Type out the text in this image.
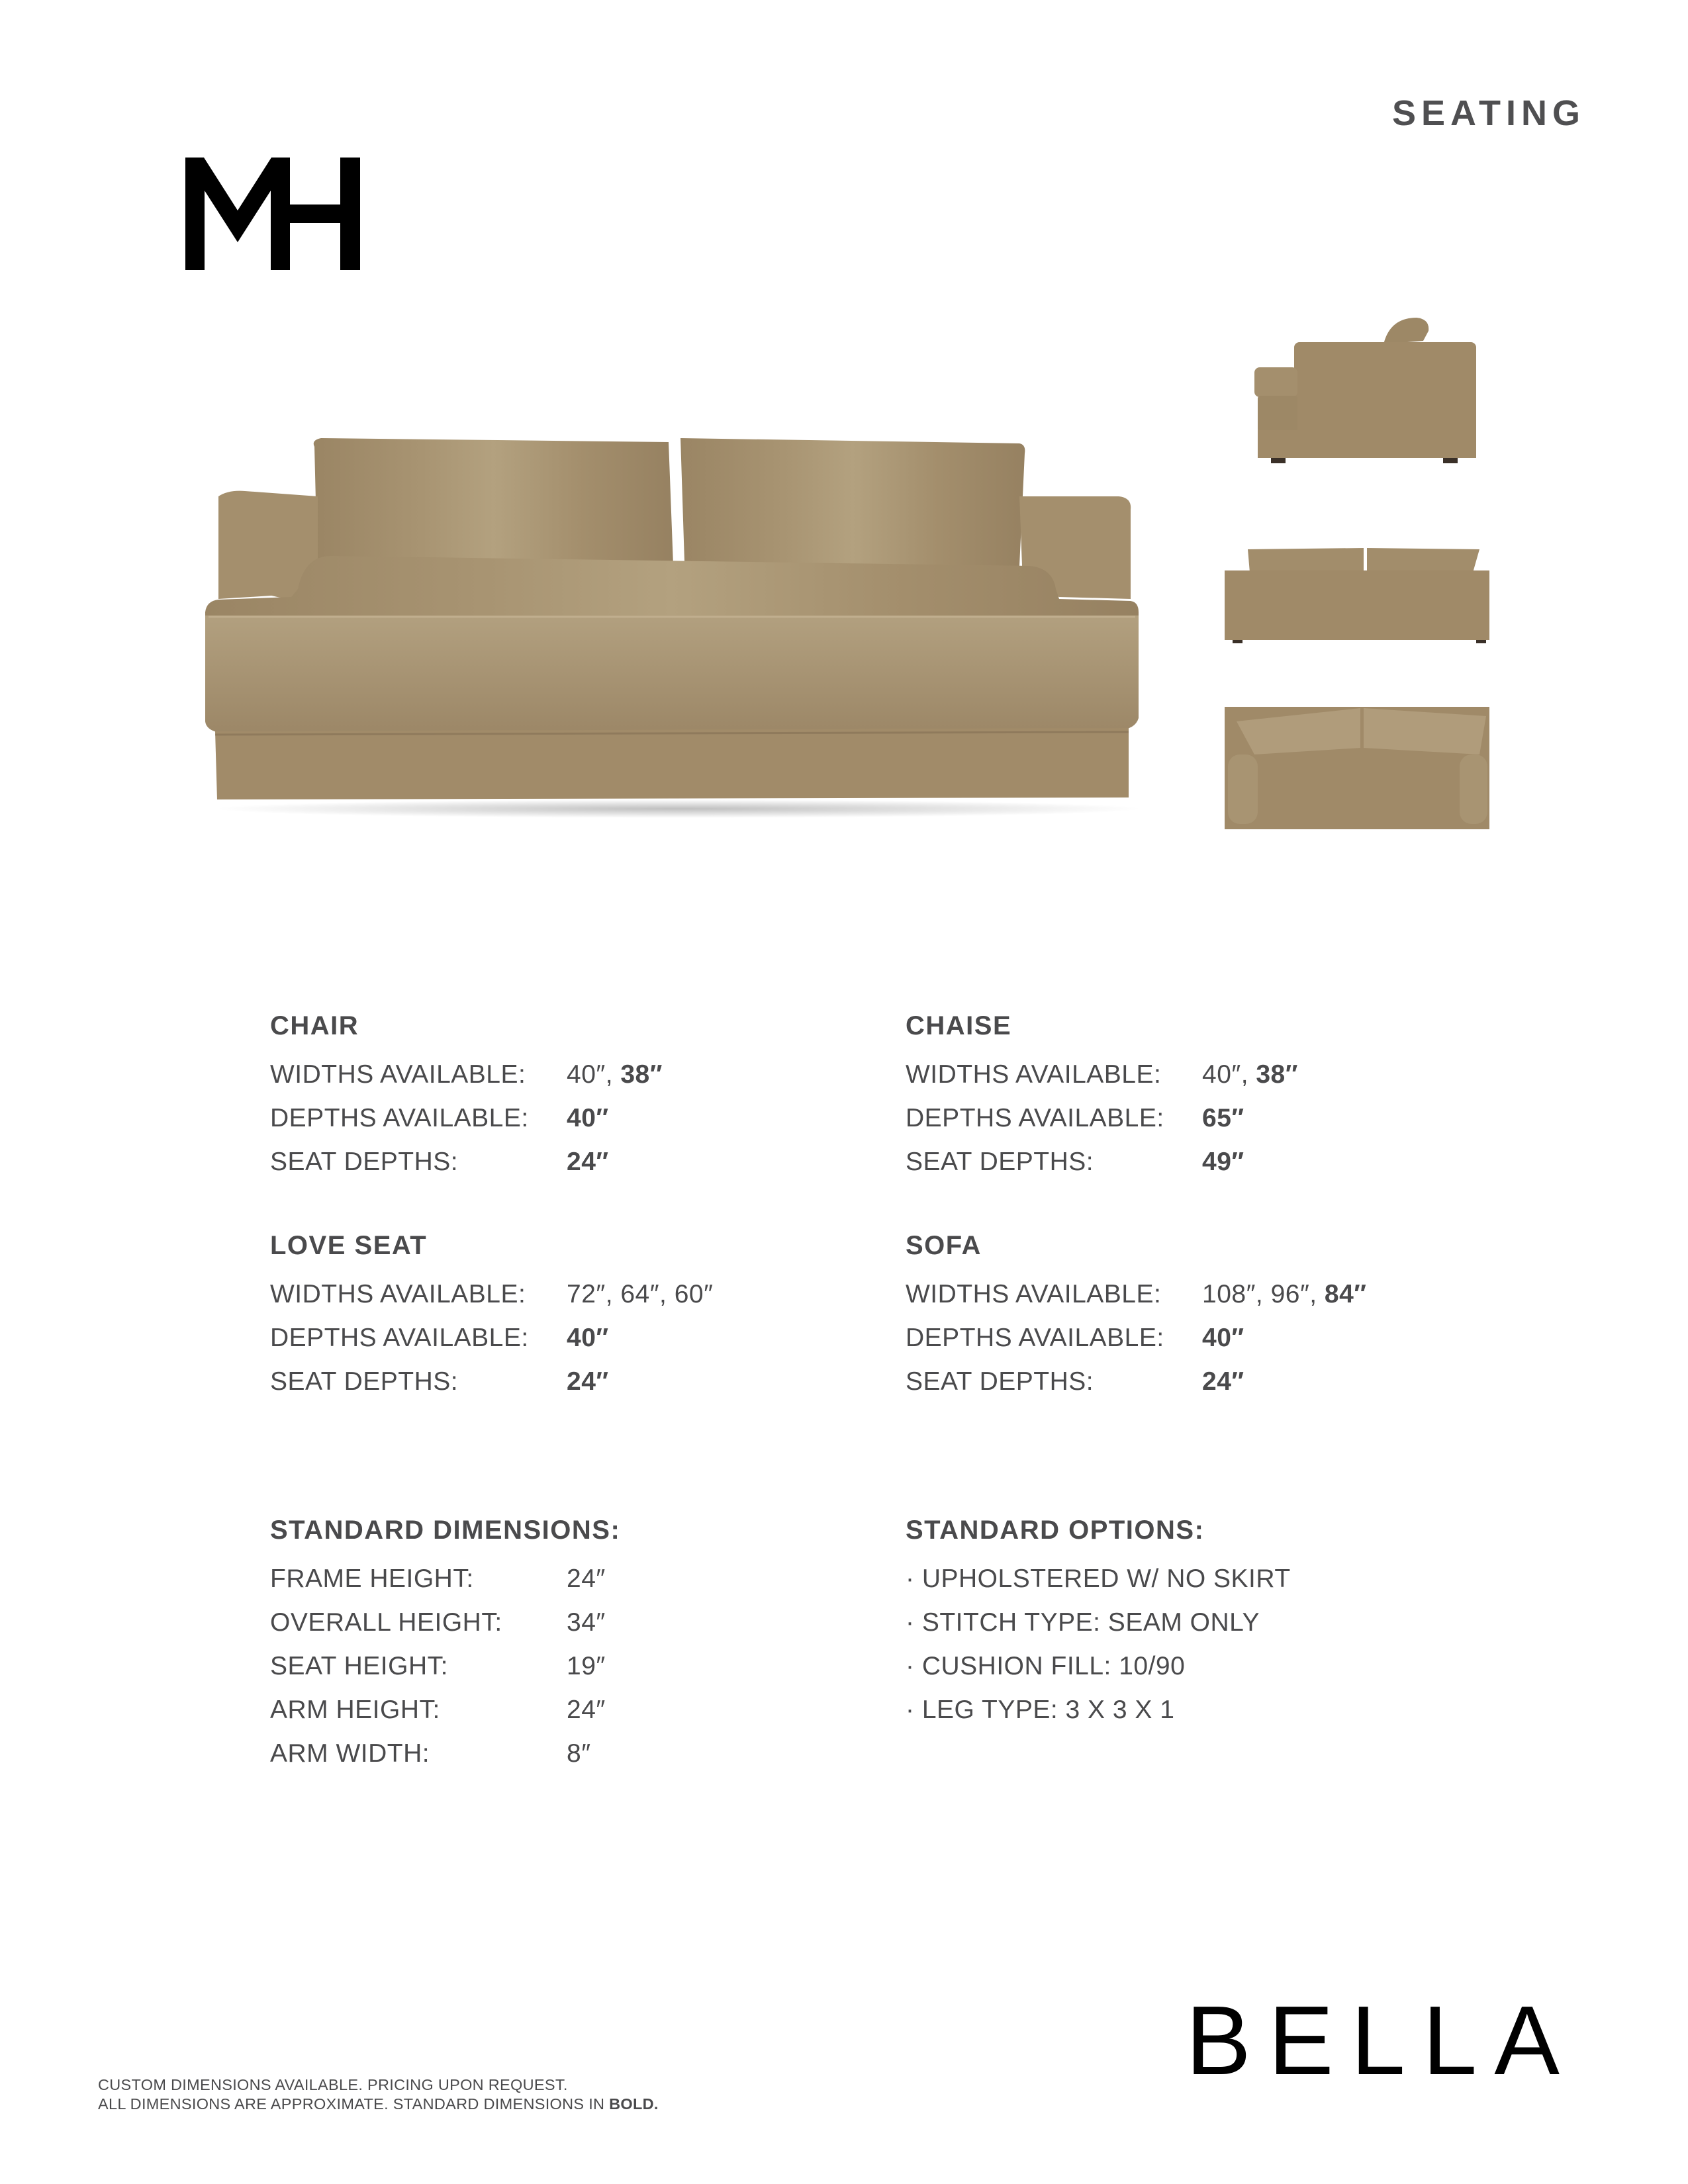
SEATING
CHAIR
WIDTHS AVAILABLE:	40″, 38″
DEPTHS AVAILABLE:	40″
SEAT DEPTHS:	24″
CHAISE
WIDTHS AVAILABLE:	40″, 38″
DEPTHS AVAILABLE:	65″
SEAT DEPTHS:	49″
LOVE SEAT
WIDTHS AVAILABLE:	72″, 64″, 60″
DEPTHS AVAILABLE:	40″
SEAT DEPTHS:	24″
SOFA
WIDTHS AVAILABLE:	108″, 96″, 84″
DEPTHS AVAILABLE:	40″
SEAT DEPTHS:	24″
STANDARD DIMENSIONS:
FRAME HEIGHT:	24″
OVERALL HEIGHT:	34″
SEAT HEIGHT:	19″
ARM HEIGHT:	24″
ARM WIDTH:	8″
STANDARD OPTIONS:
· UPHOLSTERED W/ NO SKIRT
· STITCH TYPE: SEAM ONLY
· CUSHION FILL: 10/90
· LEG TYPE: 3 X 3 X 1
CUSTOM DIMENSIONS AVAILABLE. PRICING UPON REQUEST.
ALL DIMENSIONS ARE APPROXIMATE. STANDARD DIMENSIONS IN BOLD.
BELLA
